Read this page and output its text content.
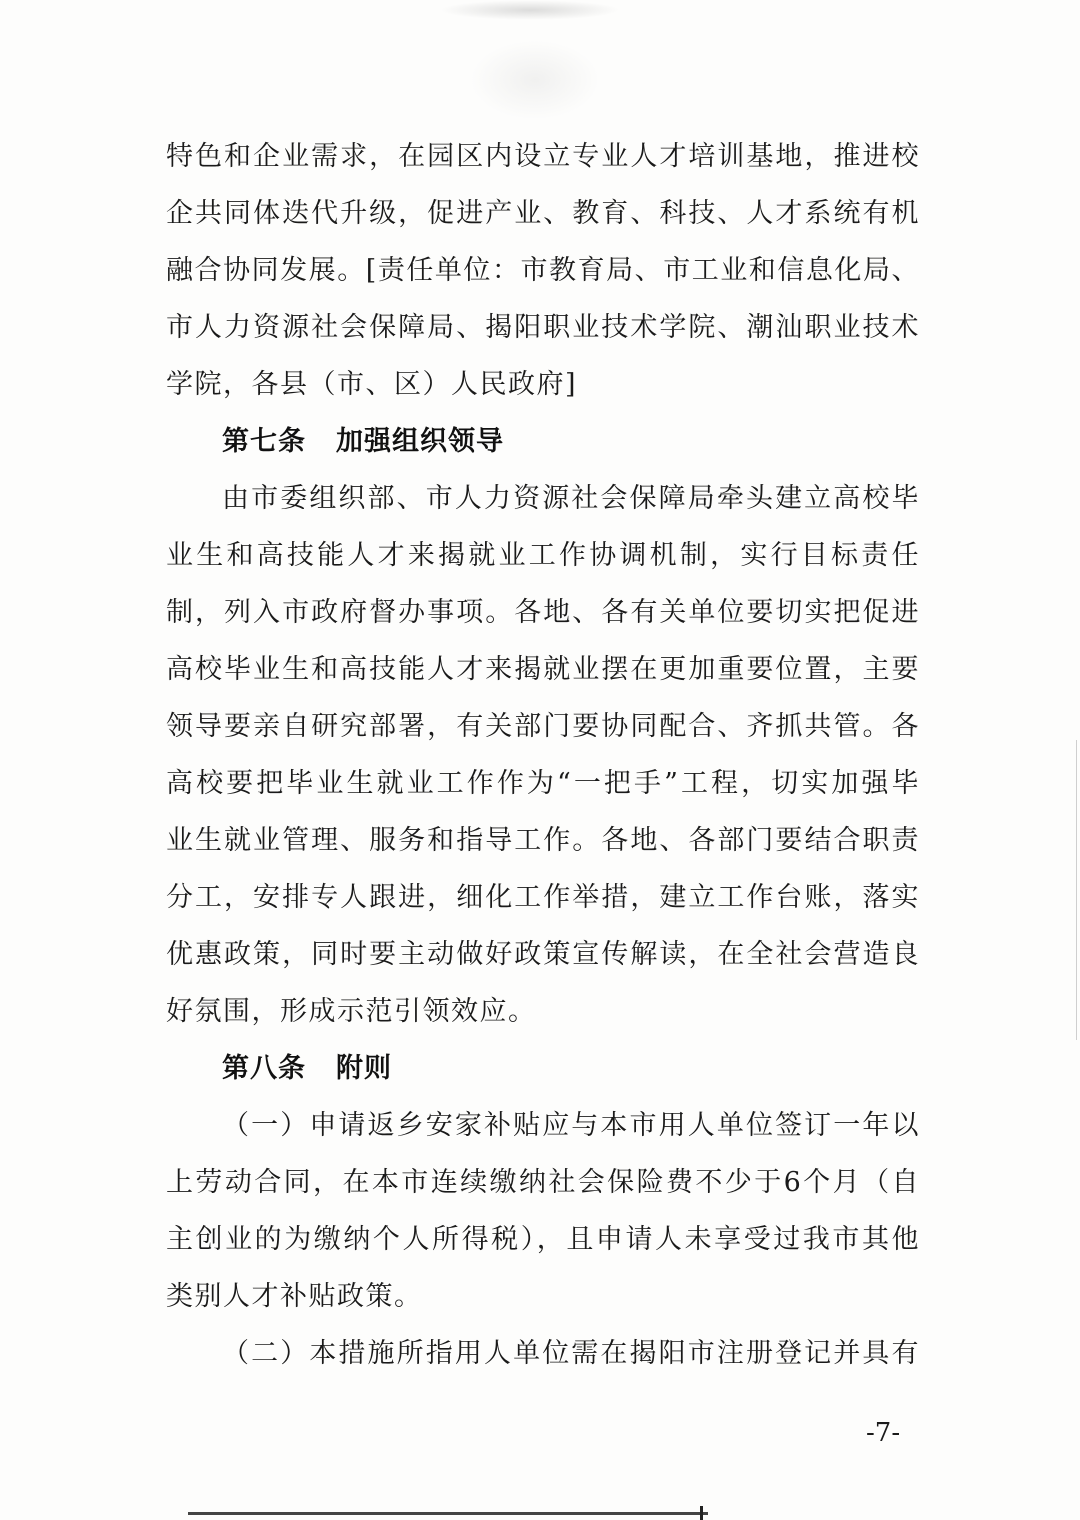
特色和企业需求，在园区内设立专业人才培训基地，推进校
企共同体迭代升级，促进产业、教育、科技、人才系统有机
融合协同发展。[责任单位：市教育局、市工业和信息化局、
市人力资源社会保障局、揭阳职业技术学院、潮汕职业技术
学院，各县（市、区）人民政府]
第七条 加强组织领导
由市委组织部、市人力资源社会保障局牵头建立高校毕
业生和高技能人才来揭就业工作协调机制，实行目标责任
制，列入市政府督办事项。各地、各有关单位要切实把促进
高校毕业生和高技能人才来揭就业摆在更加重要位置，主要
领导要亲自研究部署，有关部门要协同配合、齐抓共管。各
高校要把毕业生就业工作作为“一把手”工程，切实加强毕
业生就业管理、服务和指导工作。各地、各部门要结合职责
分工，安排专人跟进，细化工作举措，建立工作台账，落实
优惠政策，同时要主动做好政策宣传解读，在全社会营造良
好氛围，形成示范引领效应。
第八条 附则
（一）申请返乡安家补贴应与本市用人单位签订一年以
上劳动合同，在本市连续缴纳社会保险费不少于6个月（自
主创业的为缴纳个人所得税），且申请人未享受过我市其他
类别人才补贴政策。
（二）本措施所指用人单位需在揭阳市注册登记并具有
-7-
